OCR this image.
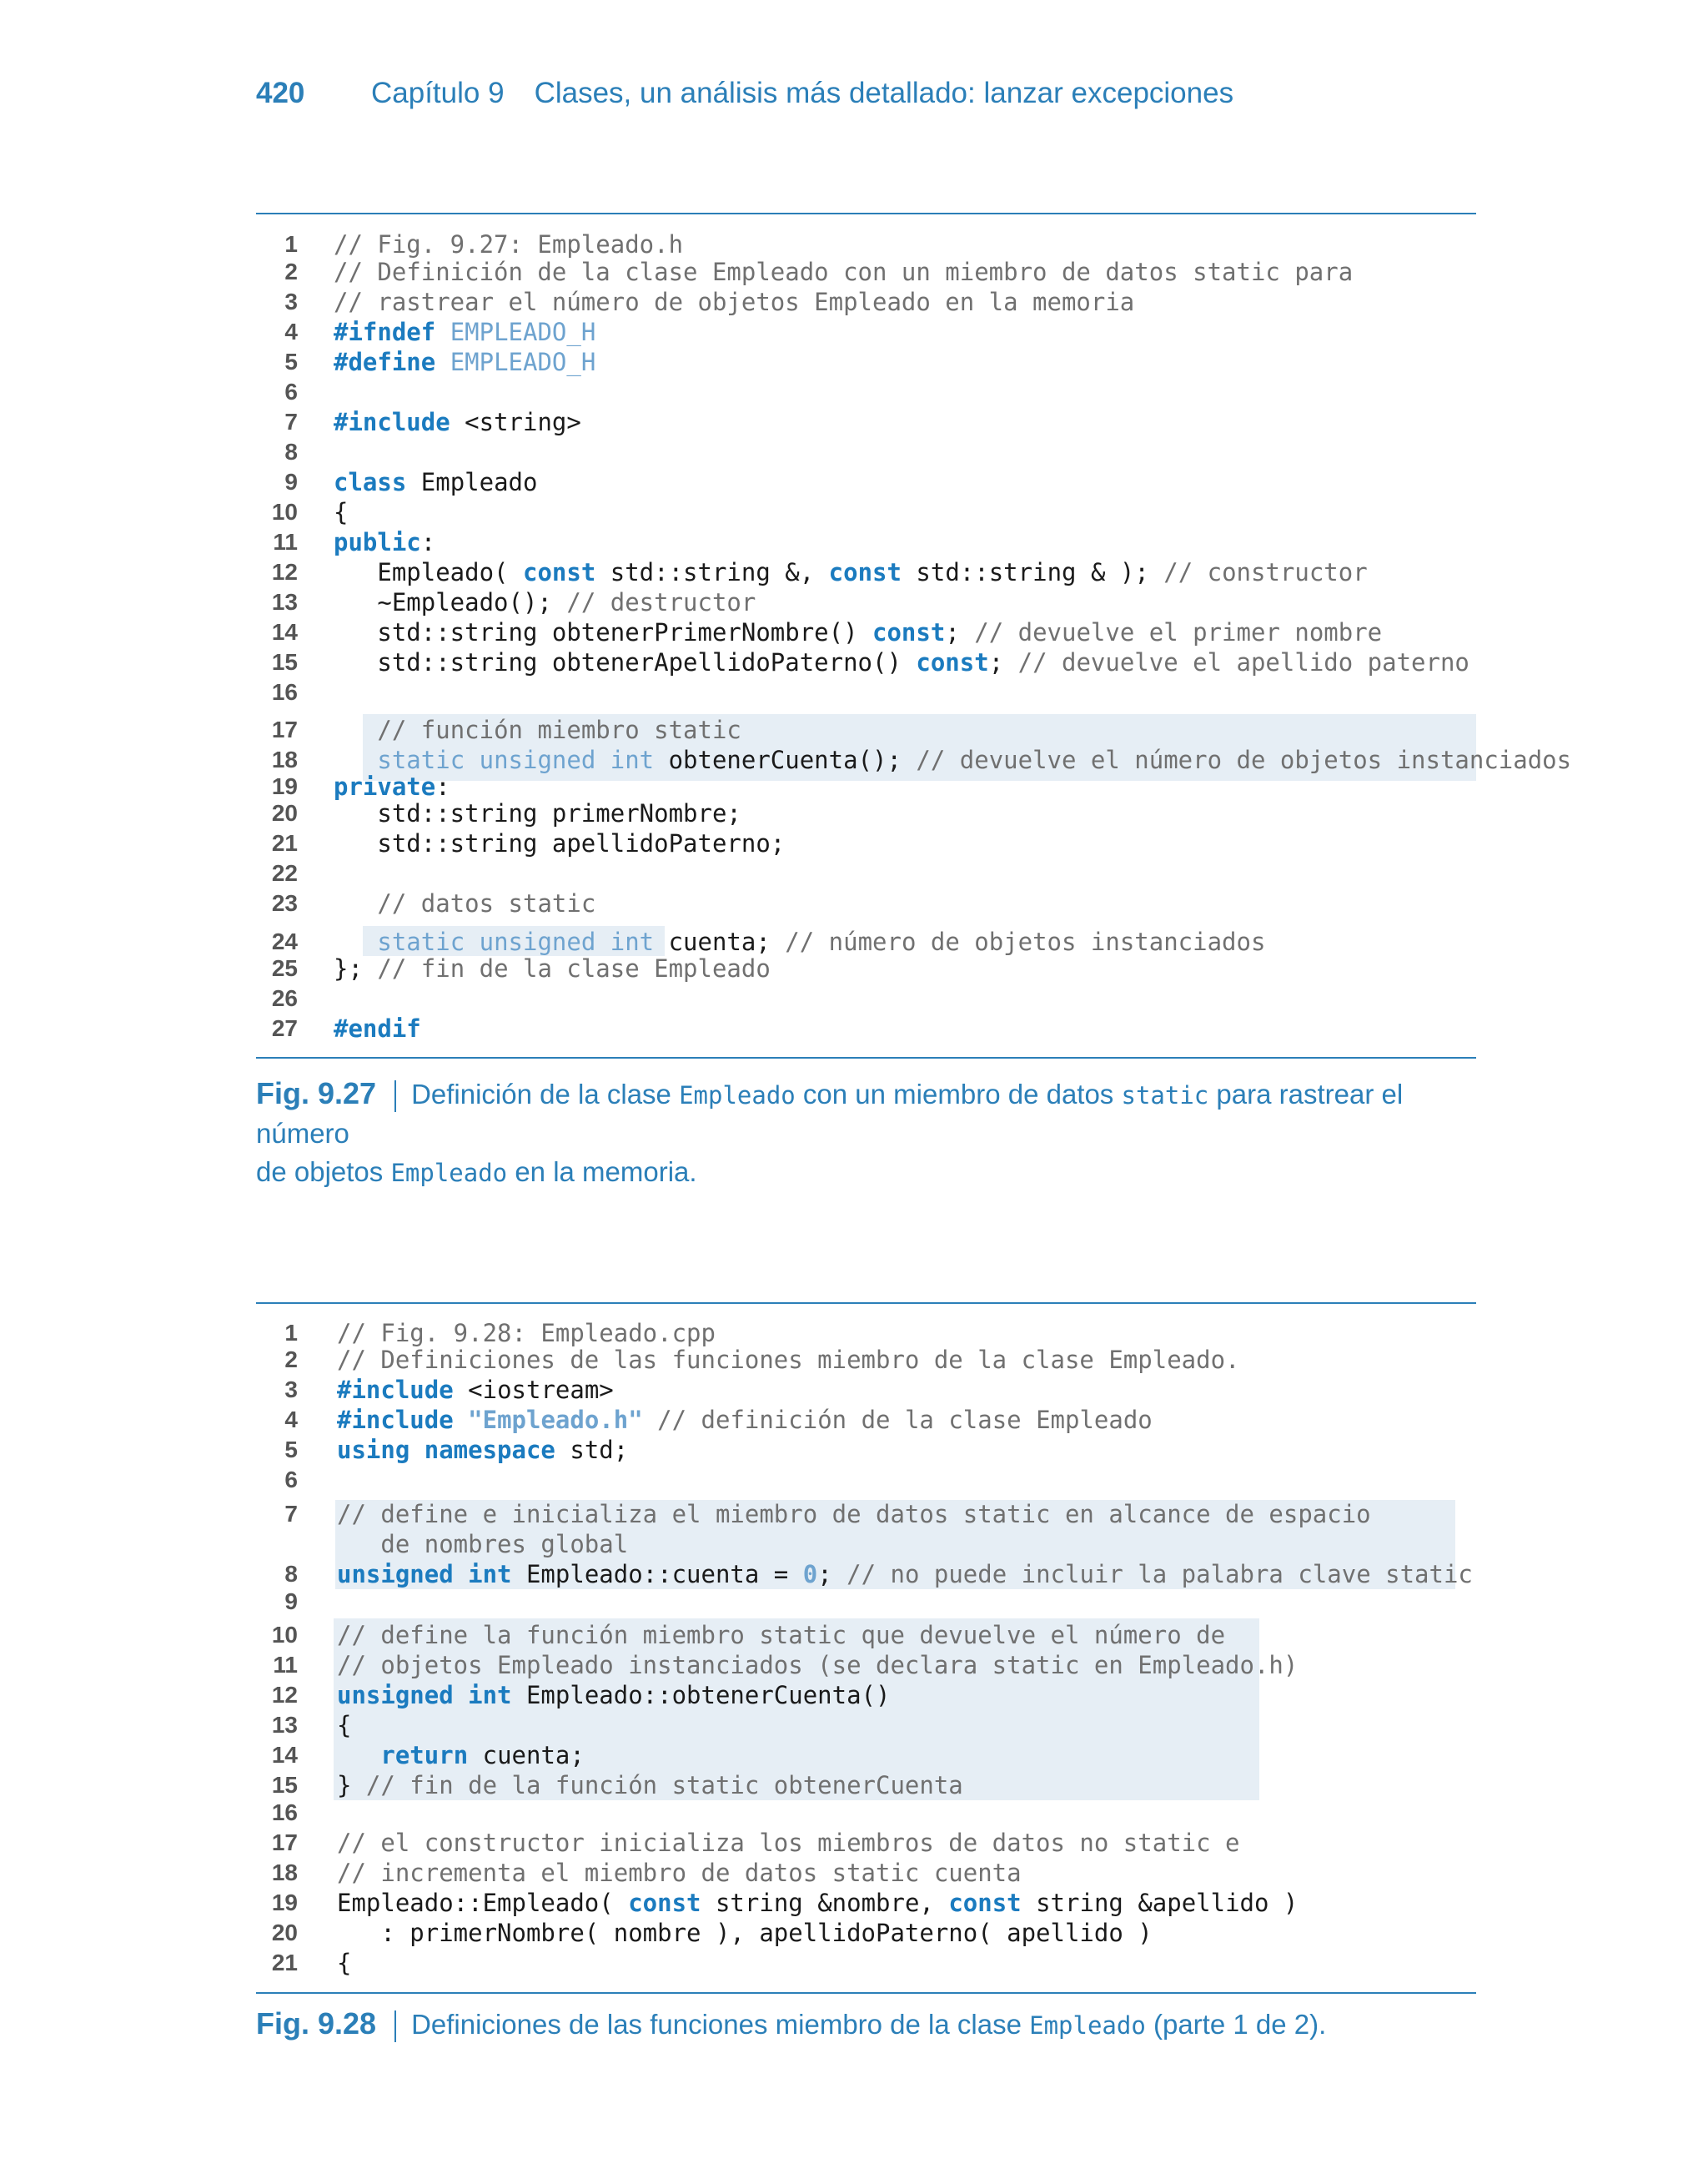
420 Capítulo 9 Clases, un análisis más detallado: lanzar excepciones
1 // Fig. 9.27: Empleado.h
2 // Definición de la clase Empleado con un miembro de datos static para
3 // rastrear el número de objetos Empleado en la memoria
4 #ifndef EMPLEADO_H
5 #define EMPLEADO_H
6
7 #include <string>
8
9 class Empleado
10 {
11 public:
12 Empleado( const std::string &, const std::string & ); // constructor
13 ~Empleado(); // destructor
14 std::string obtenerPrimerNombre() const; // devuelve el primer nombre
15 std::string obtenerApellidoPaterno() const; // devuelve el apellido paterno
16
17	// función miembro static
18	static unsigned int obtenerCuenta(); // devuelve el número de objetos instanciados
19 private:
20 std::string primerNombre;
21 std::string apellidoPaterno;
22
23	// datos static
24	static unsigned int cuenta; // número de objetos instanciados
25 }; // fin de la clase Empleado
26
27 #endif
Fig. 9.27 Definición de la clase Empleado con un miembro de datos static para rastrear el número
de objetos Empleado en la memoria.
1 // Fig. 9.28: Empleado.cpp
2 // Definiciones de las funciones miembro de la clase Empleado.
3 #include <iostream>
4 #include "Empleado.h" // definición de la clase Empleado
5 using namespace std;
6
7 // define e inicializa el miembro de datos static en alcance de espacio
de nombres global
8 unsigned int Empleado::cuenta = 0; // no puede incluir la palabra clave static
9
10 // define la función miembro static que devuelve el número de
11 // objetos Empleado instanciados (se declara static en Empleado.h)
12 unsigned int Empleado::obtenerCuenta()
13 {
14	return cuenta;
15 } // fin de la función static obtenerCuenta
16
17 // el constructor inicializa los miembros de datos no static e
18 // incrementa el miembro de datos static cuenta
19 Empleado::Empleado( const string &nombre, const string &apellido )
20 : primerNombre( nombre ), apellidoPaterno( apellido )
21 {
Fig. 9.28 Definiciones de las funciones miembro de la clase Empleado (parte 1 de 2).
